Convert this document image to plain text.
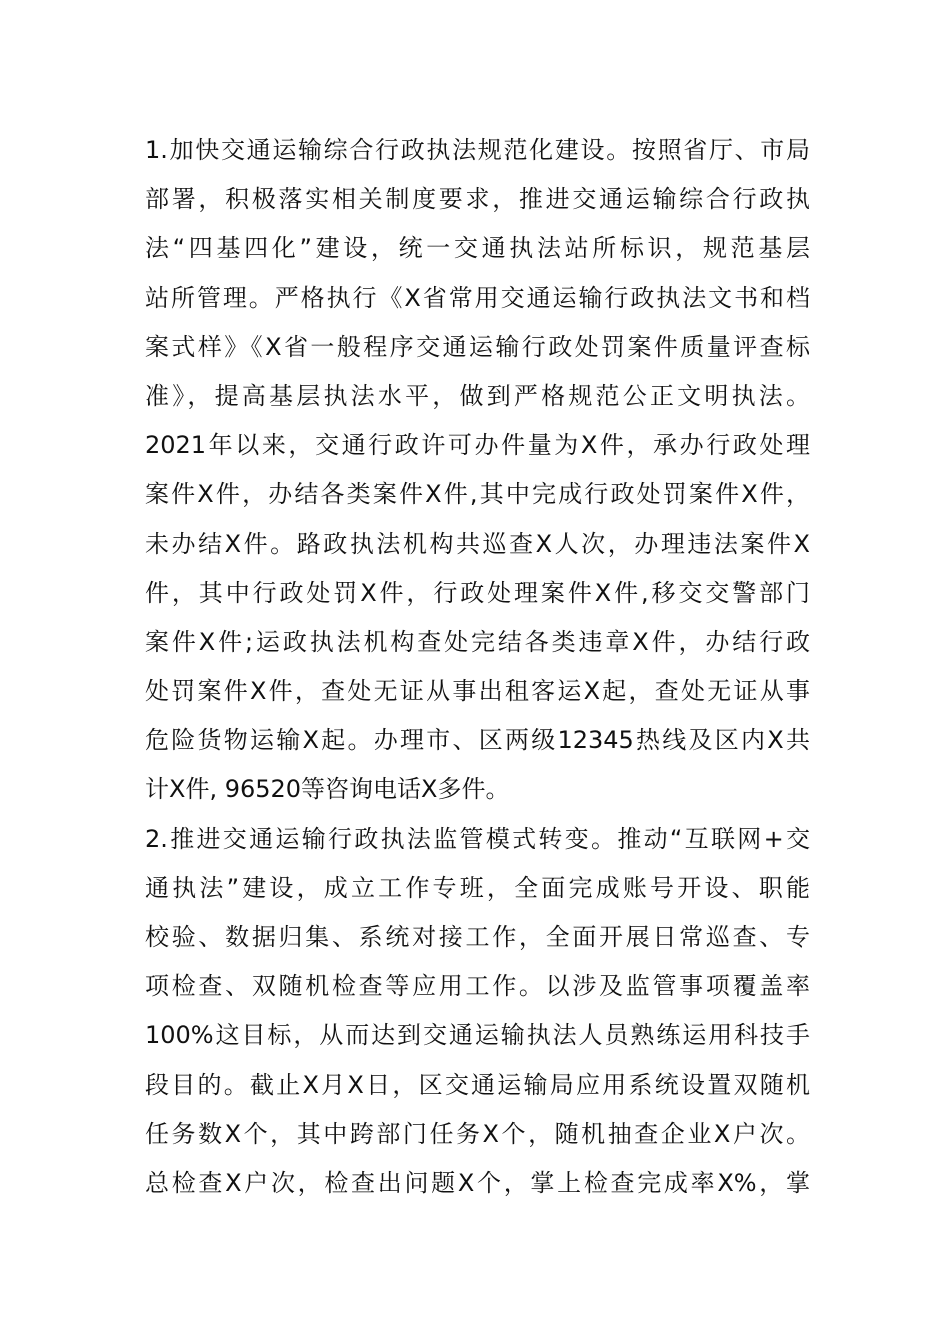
1.加快交通运输综合行政执法规范化建设。按照省厅、市局
部署，积极落实相关制度要求，推进交通运输综合行政执
法“四基四化”建设，统一交通执法站所标识，规范基层
站所管理。严格执行《X省常用交通运输行政执法文书和档
案式样》《X省一般程序交通运输行政处罚案件质量评查标
准》，提高基层执法水平，做到严格规范公正文明执法。
2021年以来，交通行政许可办件量为X件，承办行政处理
案件X件，办结各类案件X件,其中完成行政处罚案件X件，
未办结X件。路政执法机构共巡查X人次，办理违法案件X
件，其中行政处罚X件，行政处理案件X件,移交交警部门
案件X件;运政执法机构查处完结各类违章X件，办结行政
处罚案件X件，查处无证从事出租客运X起，查处无证从事
危险货物运输X起。办理市、区两级12345热线及区内X共
计X件, 96520等咨询电话X多件。
2.推进交通运输行政执法监管模式转变。推动“互联网+交
通执法”建设，成立工作专班，全面完成账号开设、职能
校验、数据归集、系统对接工作，全面开展日常巡查、专
项检查、双随机检查等应用工作。以涉及监管事项覆盖率
100%这目标，从而达到交通运输执法人员熟练运用科技手
段目的。截止X月X日，区交通运输局应用系统设置双随机
任务数X个，其中跨部门任务X个，随机抽查企业X户次。
总检查X户次，检查出问题X个，掌上检查完成率X%，掌
